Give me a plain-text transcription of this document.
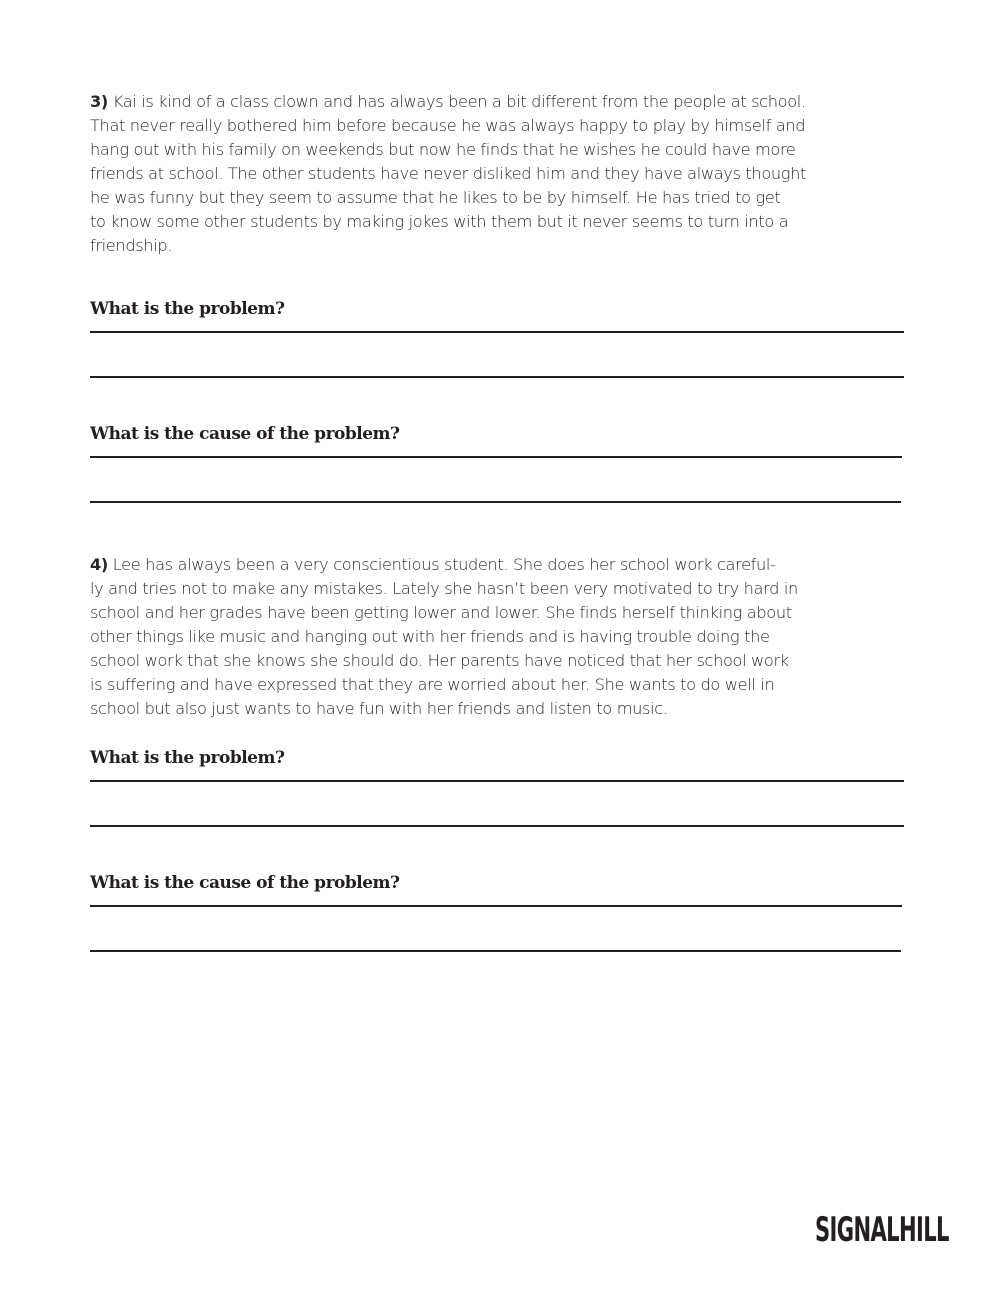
3) Kai is kind of a class clown and has always been a bit different from the people at school.
That never really bothered him before because he was always happy to play by himself and
hang out with his family on weekends but now he finds that he wishes he could have more
friends at school. The other students have never disliked him and they have always thought
he was funny but they seem to assume that he likes to be by himself. He has tried to get
to know some other students by making jokes with them but it never seems to turn into a
friendship.

What is the problem?

What is the cause of the problem?

4) Lee has always been a very conscientious student. She does her school work careful-
ly and tries not to make any mistakes. Lately she hasn’t been very motivated to try hard in
school and her grades have been getting lower and lower. She finds herself thinking about
other things like music and hanging out with her friends and is having trouble doing the
school work that she knows she should do. Her parents have noticed that her school work
is suffering and have expressed that they are worried about her. She wants to do well in
school but also just wants to have fun with her friends and listen to music.

What is the problem?

What is the cause of the problem?

SIGNALHILL
